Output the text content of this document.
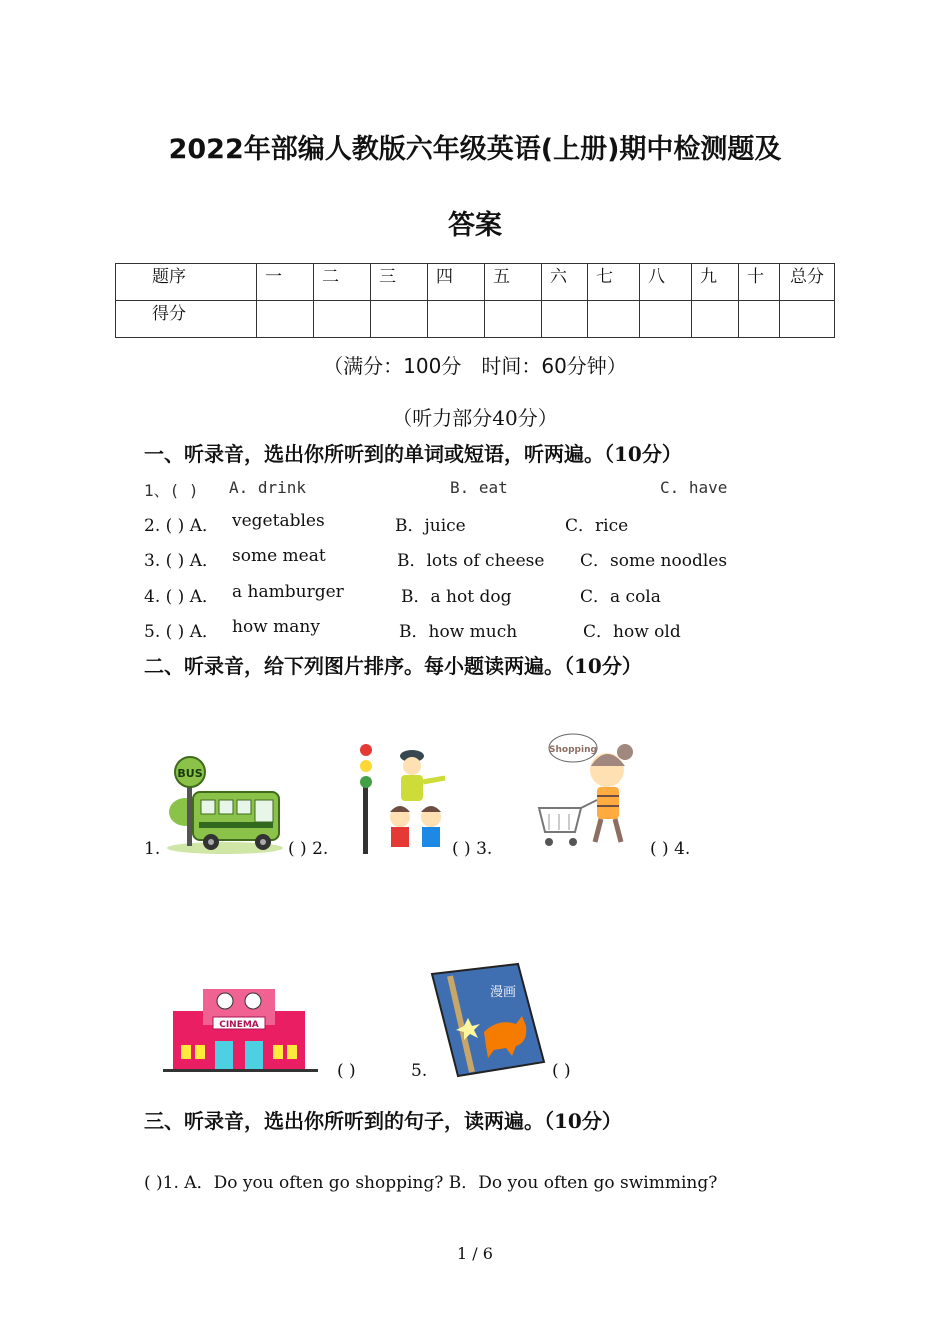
2022年部编人教版六年级英语(上册)期中检测题及
答案
题序	一	二	三	四	五	六	七	八	九	十	总分
得分											
（满分：100分　时间：60分钟）
（听力部分40分）
一、听录音，选出你所听到的单词或短语，听两遍。（10分）
1、( ) A. drink	B. eat	C. have
2. ( ) A． vegetables	B．juice	C．rice
3. ( ) A． some meat	B．lots of cheese C．some noodles
4. ( ) A． a hamburger	B．a hot dog	C．a cola
5. ( ) A． how many	B．how much	C．how old
二、听录音，给下列图片排序。每小题读两遍。（10分）
BUS
Shopping
1.	( ) 2.	( ) 3.	( ) 4.
CINEMA
漫画
( )	5.	( )
三、听录音，选出你所听到的句子，读两遍。（10分）
( )1. A．Do you often go shopping? B．Do you often go swimming?
1 / 6
